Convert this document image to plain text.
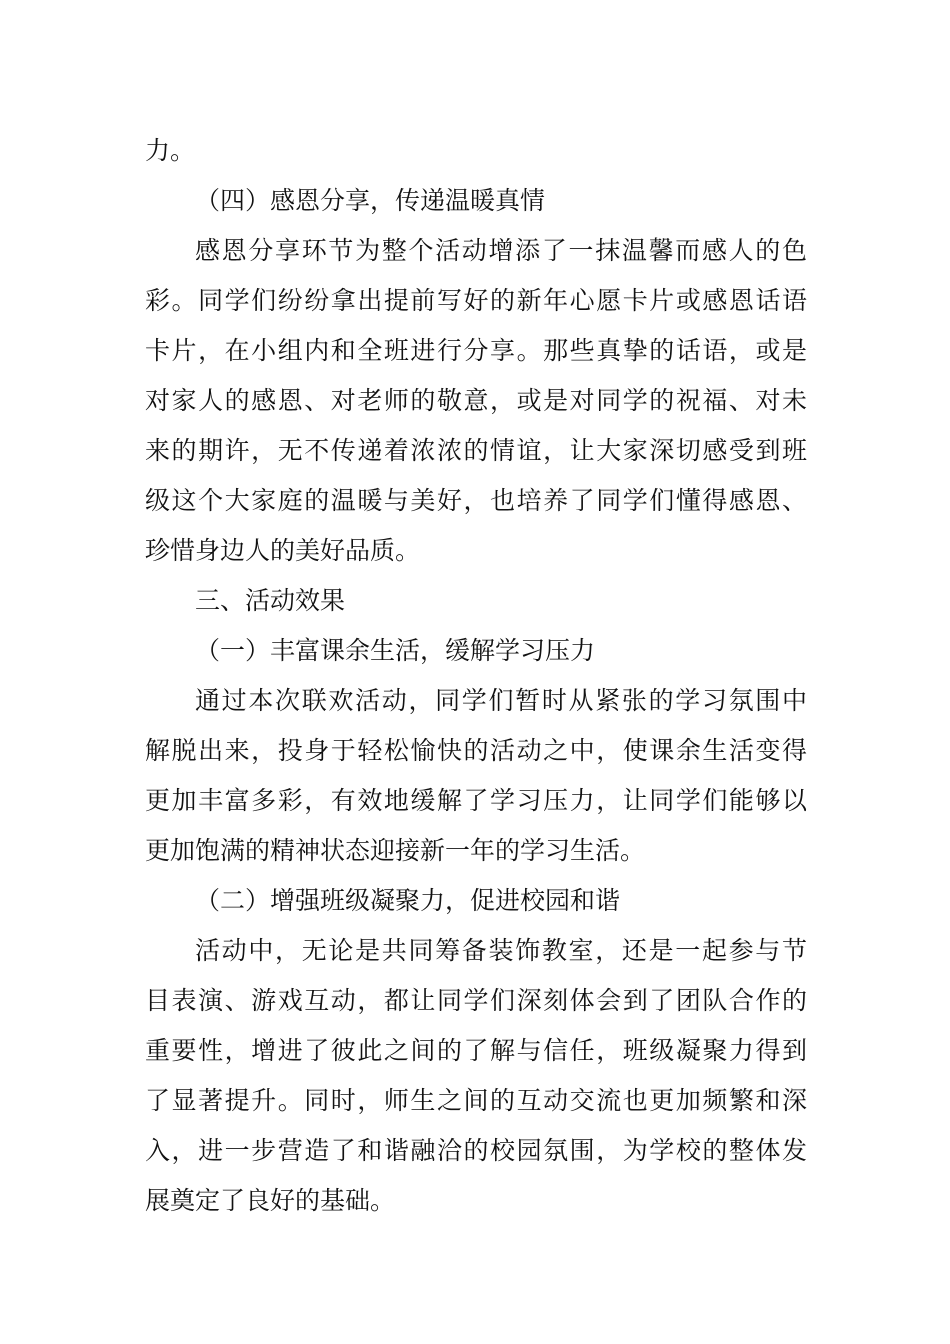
力。
（四）感恩分享，传递温暖真情
感恩分享环节为整个活动增添了一抹温馨而感人的色
彩。同学们纷纷拿出提前写好的新年心愿卡片或感恩话语
卡片，在小组内和全班进行分享。那些真挚的话语，或是
对家人的感恩、对老师的敬意，或是对同学的祝福、对未
来的期许，无不传递着浓浓的情谊，让大家深切感受到班
级这个大家庭的温暖与美好，也培养了同学们懂得感恩、
珍惜身边人的美好品质。
三、活动效果
（一）丰富课余生活，缓解学习压力
通过本次联欢活动，同学们暂时从紧张的学习氛围中
解脱出来，投身于轻松愉快的活动之中，使课余生活变得
更加丰富多彩，有效地缓解了学习压力，让同学们能够以
更加饱满的精神状态迎接新一年的学习生活。
（二）增强班级凝聚力，促进校园和谐
活动中，无论是共同筹备装饰教室，还是一起参与节
目表演、游戏互动，都让同学们深刻体会到了团队合作的
重要性，增进了彼此之间的了解与信任，班级凝聚力得到
了显著提升。同时，师生之间的互动交流也更加频繁和深
入，进一步营造了和谐融洽的校园氛围，为学校的整体发
展奠定了良好的基础。
